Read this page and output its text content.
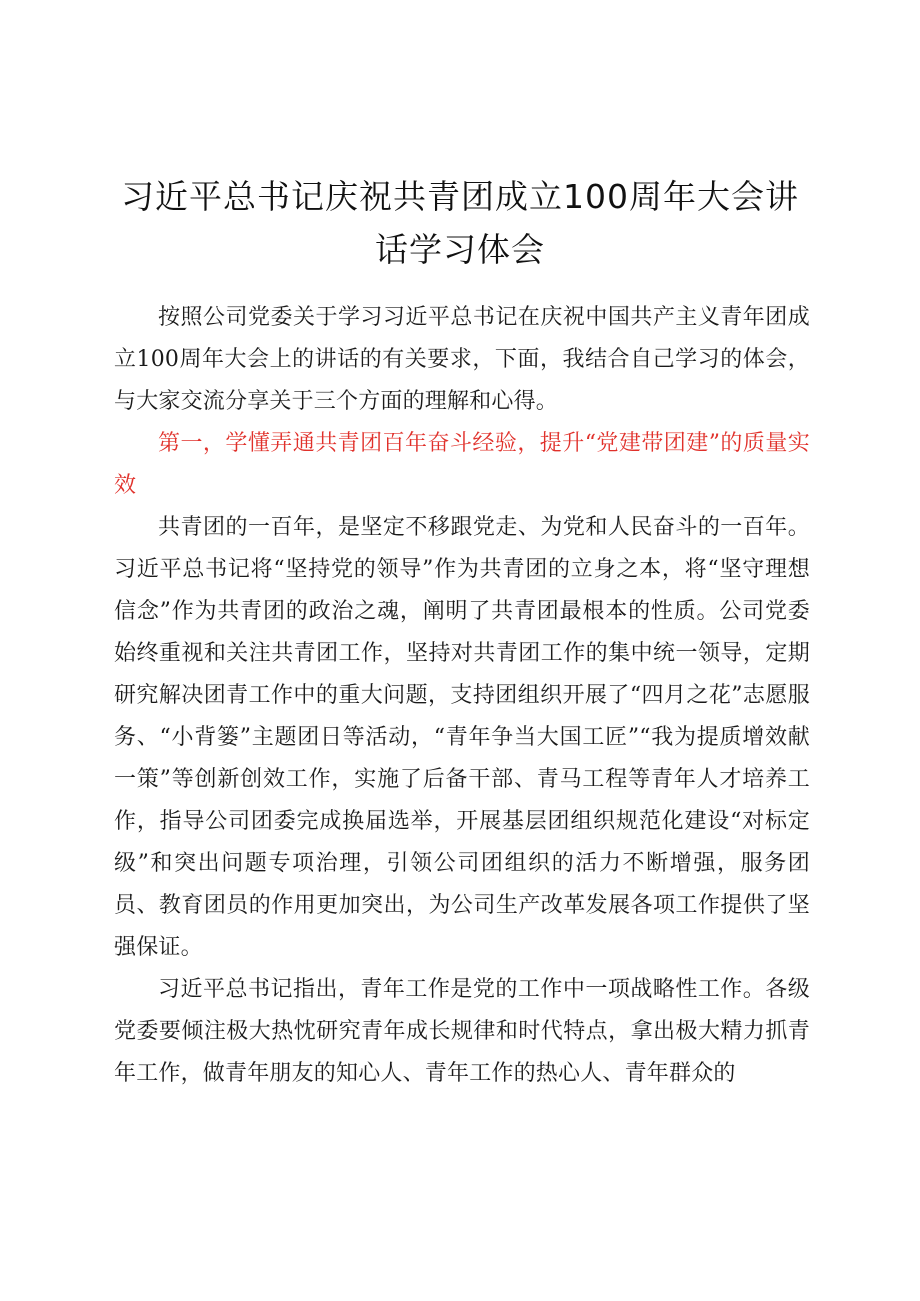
习近平总书记庆祝共青团成立100周年大会讲话学习体会

按照公司党委关于学习习近平总书记在庆祝中国共产主义青年团成立100周年大会上的讲话的有关要求，下面，我结合自己学习的体会，与大家交流分享关于三个方面的理解和心得。

第一，学懂弄通共青团百年奋斗经验，提升“党建带团建”的质量实效

共青团的一百年，是坚定不移跟党走、为党和人民奋斗的一百年。习近平总书记将“坚持党的领导”作为共青团的立身之本，将“坚守理想信念”作为共青团的政治之魂，阐明了共青团最根本的性质。公司党委始终重视和关注共青团工作，坚持对共青团工作的集中统一领导，定期研究解决团青工作中的重大问题，支持团组织开展了“四月之花”志愿服务、“小背篓”主题团日等活动，“青年争当大国工匠”“我为提质增效献一策”等创新创效工作，实施了后备干部、青马工程等青年人才培养工作，指导公司团委完成换届选举，开展基层团组织规范化建设“对标定级”和突出问题专项治理，引领公司团组织的活力不断增强，服务团员、教育团员的作用更加突出，为公司生产改革发展各项工作提供了坚强保证。

习近平总书记指出，青年工作是党的工作中一项战略性工作。各级党委要倾注极大热忱研究青年成长规律和时代特点，拿出极大精力抓青年工作，做青年朋友的知心人、青年工作的热心人、青年群众的
